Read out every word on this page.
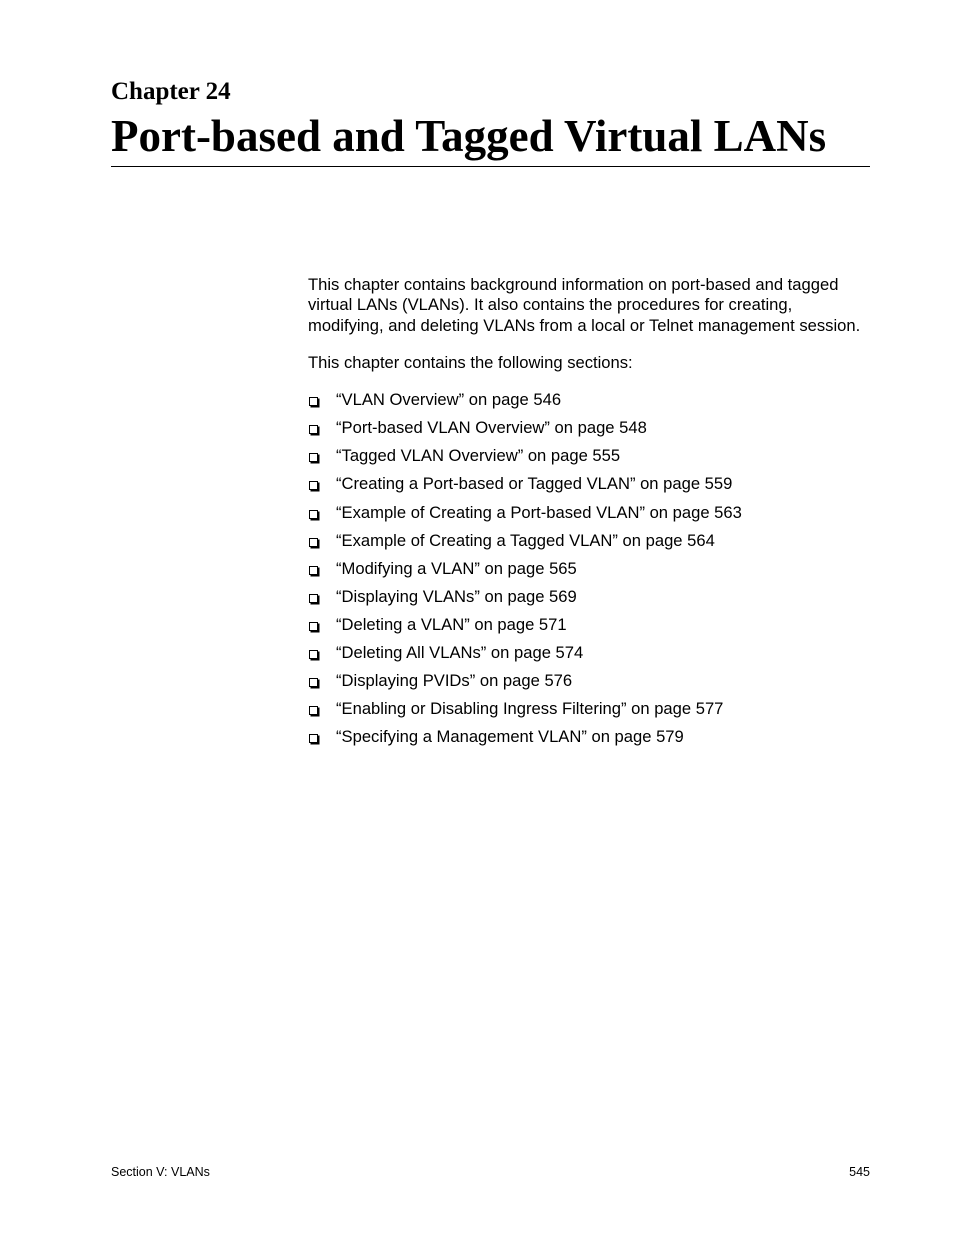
Chapter 24

Port-based and Tagged Virtual LANs

This chapter contains background information on port-based and tagged virtual LANs (VLANs). It also contains the procedures for creating, modifying, and deleting VLANs from a local or Telnet management session.

This chapter contains the following sections:

“VLAN Overview” on page 546
“Port-based VLAN Overview” on page 548
“Tagged VLAN Overview” on page 555
“Creating a Port-based or Tagged VLAN” on page 559
“Example of Creating a Port-based VLAN” on page 563
“Example of Creating a Tagged VLAN” on page 564
“Modifying a VLAN” on page 565
“Displaying VLANs” on page 569
“Deleting a VLAN” on page 571
“Deleting All VLANs” on page 574
“Displaying PVIDs” on page 576
“Enabling or Disabling Ingress Filtering” on page 577
“Specifying a Management VLAN” on page 579

Section V: VLANs	545
